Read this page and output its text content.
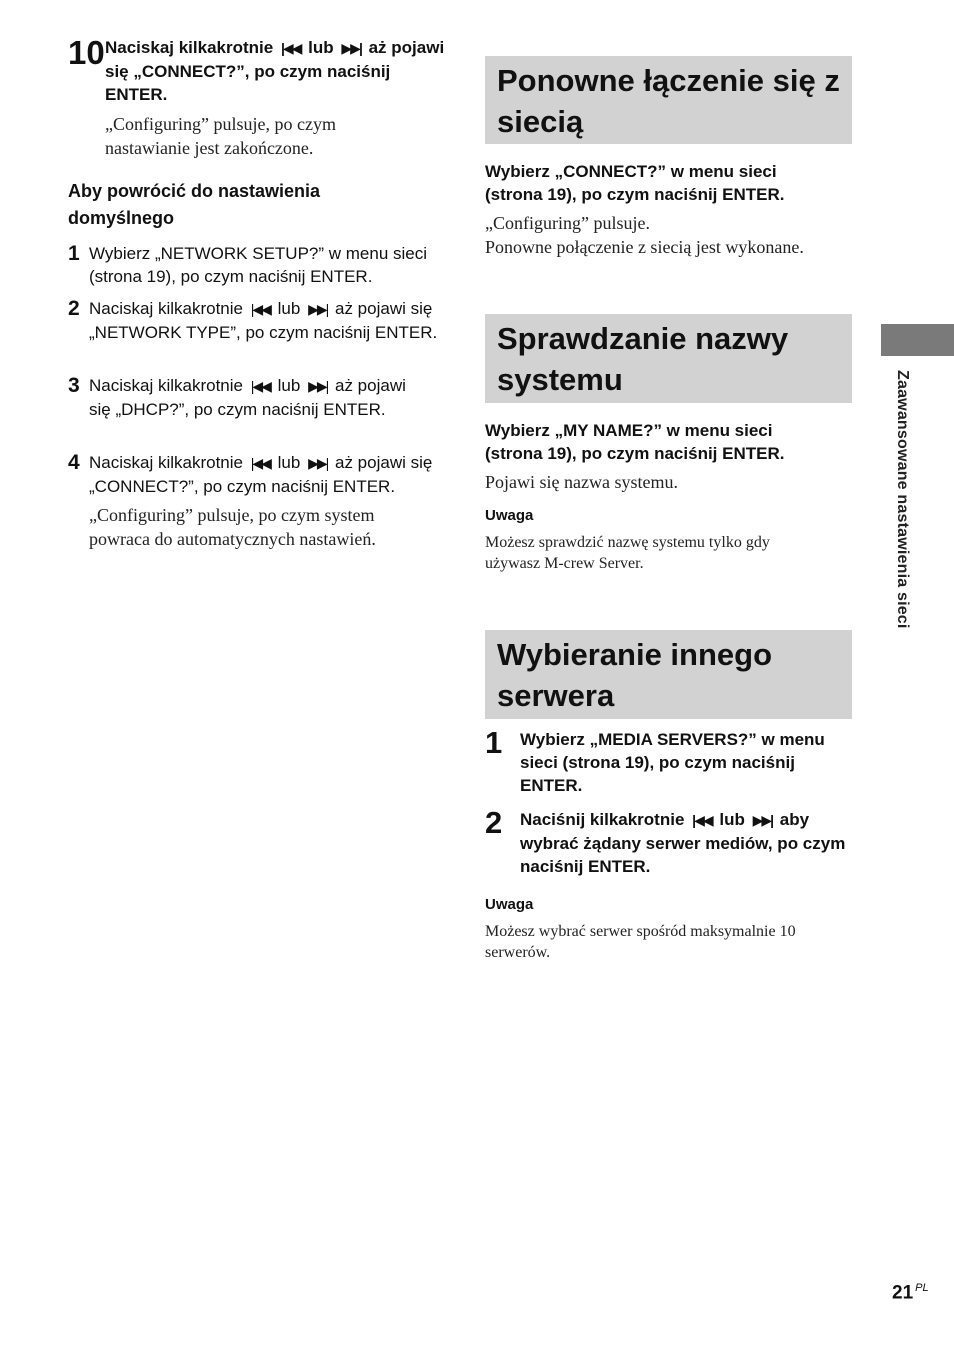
10 Naciskaj kilkakrotnie |◀◀ lub ▶▶| aż pojawi się „CONNECT?”, po czym naciśnij ENTER.
„Configuring” pulsuje, po czym nastawianie jest zakończone.
Aby powrócić do nastawienia domyślnego
1 Wybierz „NETWORK SETUP?” w menu sieci (strona 19), po czym naciśnij ENTER.
2 Naciskaj kilkakrotnie |◀◀ lub ▶▶| aż pojawi się „NETWORK TYPE”, po czym naciśnij ENTER.
3 Naciskaj kilkakrotnie |◀◀ lub ▶▶| aż pojawi się „DHCP?”, po czym naciśnij ENTER.
4 Naciskaj kilkakrotnie |◀◀ lub ▶▶| aż pojawi się „CONNECT?”, po czym naciśnij ENTER.
„Configuring” pulsuje, po czym system powraca do automatycznych nastawień.
Ponowne łączenie się z siecią
Wybierz „CONNECT?” w menu sieci (strona 19), po czym naciśnij ENTER.
„Configuring” pulsuje.
Ponowne połączenie z siecią jest wykonane.
Sprawdzanie nazwy systemu
Wybierz „MY NAME?” w menu sieci (strona 19), po czym naciśnij ENTER.
Pojawi się nazwa systemu.
Uwaga
Możesz sprawdzić nazwę systemu tylko gdy używasz M-crew Server.
Wybieranie innego serwera
1 Wybierz „MEDIA SERVERS?” w menu sieci (strona 19), po czym naciśnij ENTER.
2 Naciśnij kilkakrotnie |◀◀ lub ▶▶| aby wybrać żądany serwer mediów, po czym naciśnij ENTER.
Uwaga
Możesz wybrać serwer spośród maksymalnie 10 serwerów.
Zaawansowane nastawienia sieci
21 $^{PL}$
